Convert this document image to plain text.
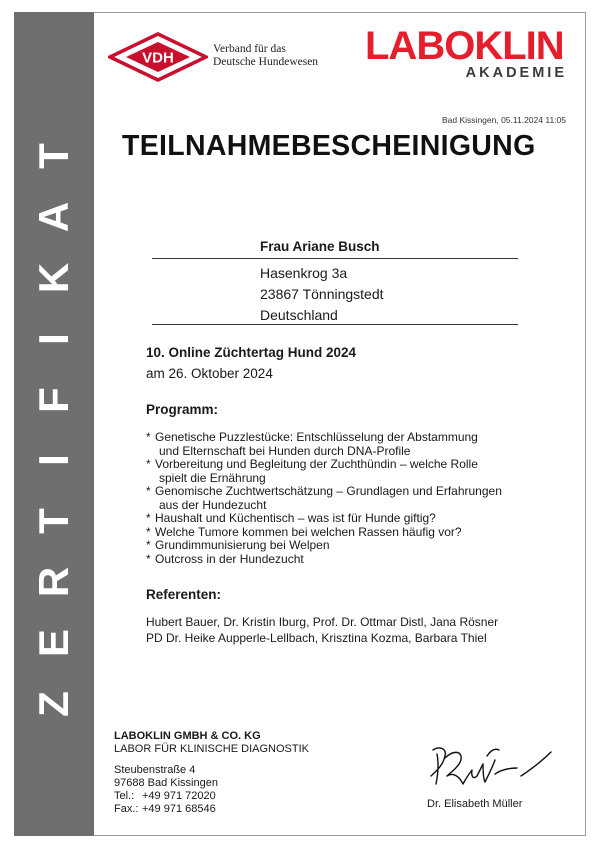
T
A
K
I
F
I
T
R
E
Z
VDH
Verband für das
Deutsche Hundewesen LABOKLIN
AKADEMIE
Bad Kissingen, 05.11.2024 11:05
TEILNAHMEBESCHEINIGUNG
Frau Ariane Busch
Hasenkrog 3a
23867 Tönningstedt
Deutschland
10. Online Züchtertag Hund 2024
am 26. Oktober 2024
Programm:
* Genetische Puzzlestücke: Entschlüsselung der Abstammung
und Elternschaft bei Hunden durch DNA-Profile
* Vorbereitung und Begleitung der Zuchthündin – welche Rolle
spielt die Ernährung
* Genomische Zuchtwertschätzung – Grundlagen und Erfahrungen
aus der Hundezucht
* Haushalt und Küchentisch – was ist für Hunde giftig?
* Welche Tumore kommen bei welchen Rassen häufig vor?
* Grundimmunisierung bei Welpen
* Outcross in der Hundezucht
Referenten:
Hubert Bauer, Dr. Kristin Iburg, Prof. Dr. Ottmar Distl, Jana Rösner
PD Dr. Heike Aupperle-Lellbach, Krisztina Kozma, Barbara Thiel
LABOKLIN GMBH & CO. KG
LABOR FÜR KLINISCHE DIAGNOSTIK
Steubenstraße 4
97688 Bad Kissingen
Tel.: +49 971 72020
Fax.: +49 971 68546	Dr. Elisabeth Müller
